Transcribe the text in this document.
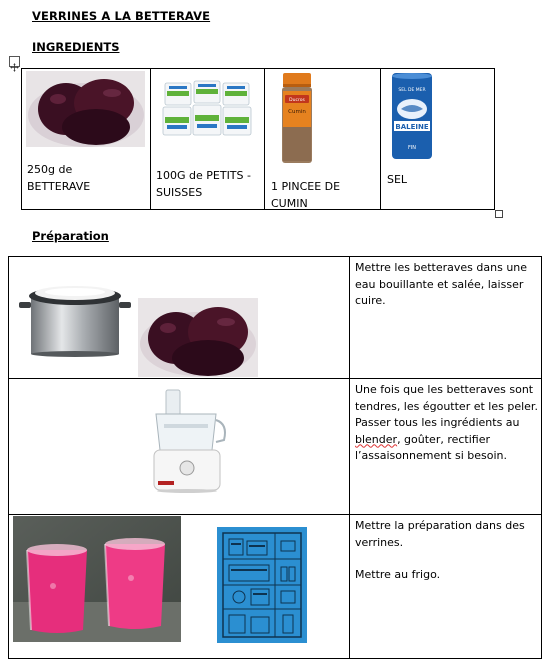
VERRINES A LA BETTERAVE
INGREDIENTS
250g de
BETTERAVE
100G de PETITS -
SUISSES
Ducros
Cumin
1 PINCEE DE
CUMIN
SEL DE MER
BALEINE
FIN
SEL
Préparation

Mettre les betteraves dans une eau bouillante et salée, laisser cuire.

Une fois que les betteraves sont tendres, les égoutter et les peler.

Passer tous les ingrédients au blender, goûter, rectifier l’assaisonnement si besoin.

Mettre la préparation dans des verrines.

Mettre au frigo.
